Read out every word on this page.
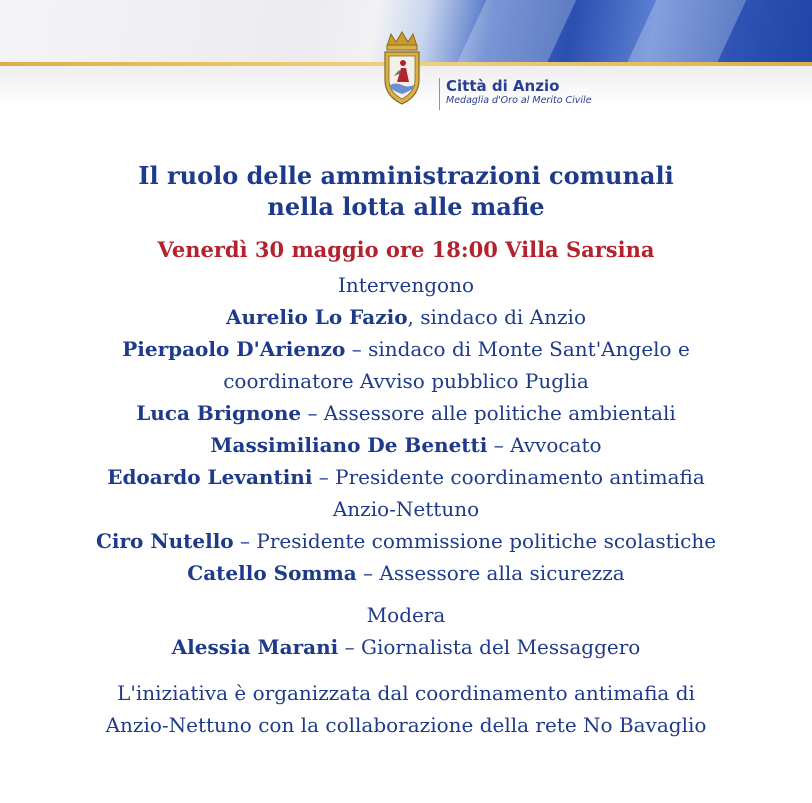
Città di Anzio

Medaglia d'Oro al Merito Civile

Il ruolo delle amministrazioni comunali

nella lotta alle mafie

Venerdì 30 maggio ore 18:00 Villa Sarsina

Intervengono

Aurelio Lo Fazio, sindaco di Anzio

Pierpaolo D'Arienzo – sindaco di Monte Sant'Angelo e

coordinatore Avviso pubblico Puglia

Luca Brignone – Assessore alle politiche ambientali

Massimiliano De Benetti – Avvocato

Edoardo Levantini – Presidente coordinamento antimafia

Anzio-Nettuno

Ciro Nutello – Presidente commissione politiche scolastiche

Catello Somma – Assessore alla sicurezza

Modera

Alessia Marani – Giornalista del Messaggero

L'iniziativa è organizzata dal coordinamento antimafia di

Anzio-Nettuno con la collaborazione della rete No Bavaglio
